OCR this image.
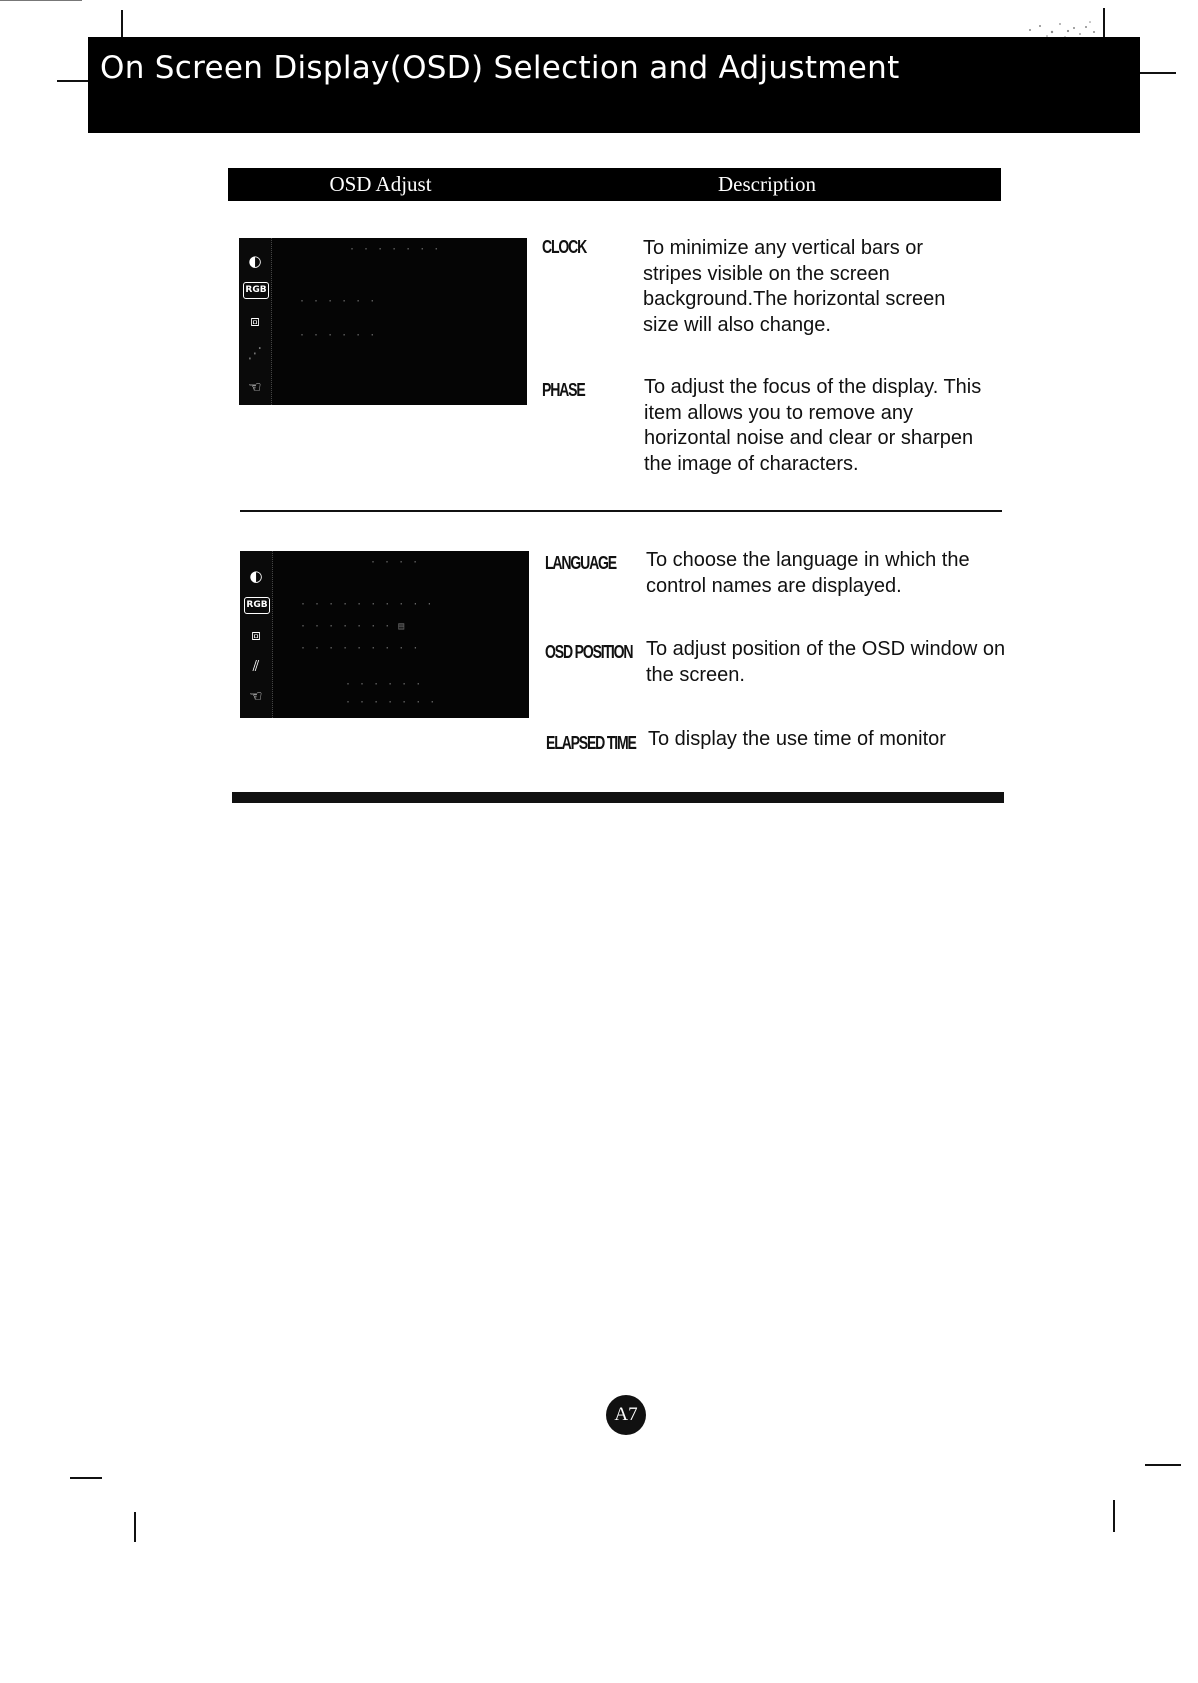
On Screen Display(OSD) Selection and Adjustment
OSD Adjust	Description
◐
RGB
⧈
⋰
☜
· · · · · · ·
· · · · · ·
· · · · · ·
CLOCK	To minimize any vertical bars or stripes visible on the screen background.The horizontal screen size will also change.
PHASE	To adjust the focus of the display. This item allows you to remove any horizontal noise and clear or sharpen the image of characters.
◐
RGB
⧈
⫽
☜
· · · ·
· · · · · · · · · ·
· · · · · · · ▤
· · · · · · · · ·
· · · · · ·
· · · · · · ·
LANGUAGE To choose the language in which the control names are displayed.
OSD POSITION To adjust position of the OSD window on the screen.
ELAPSED TIME To display the use time of monitor
A7
